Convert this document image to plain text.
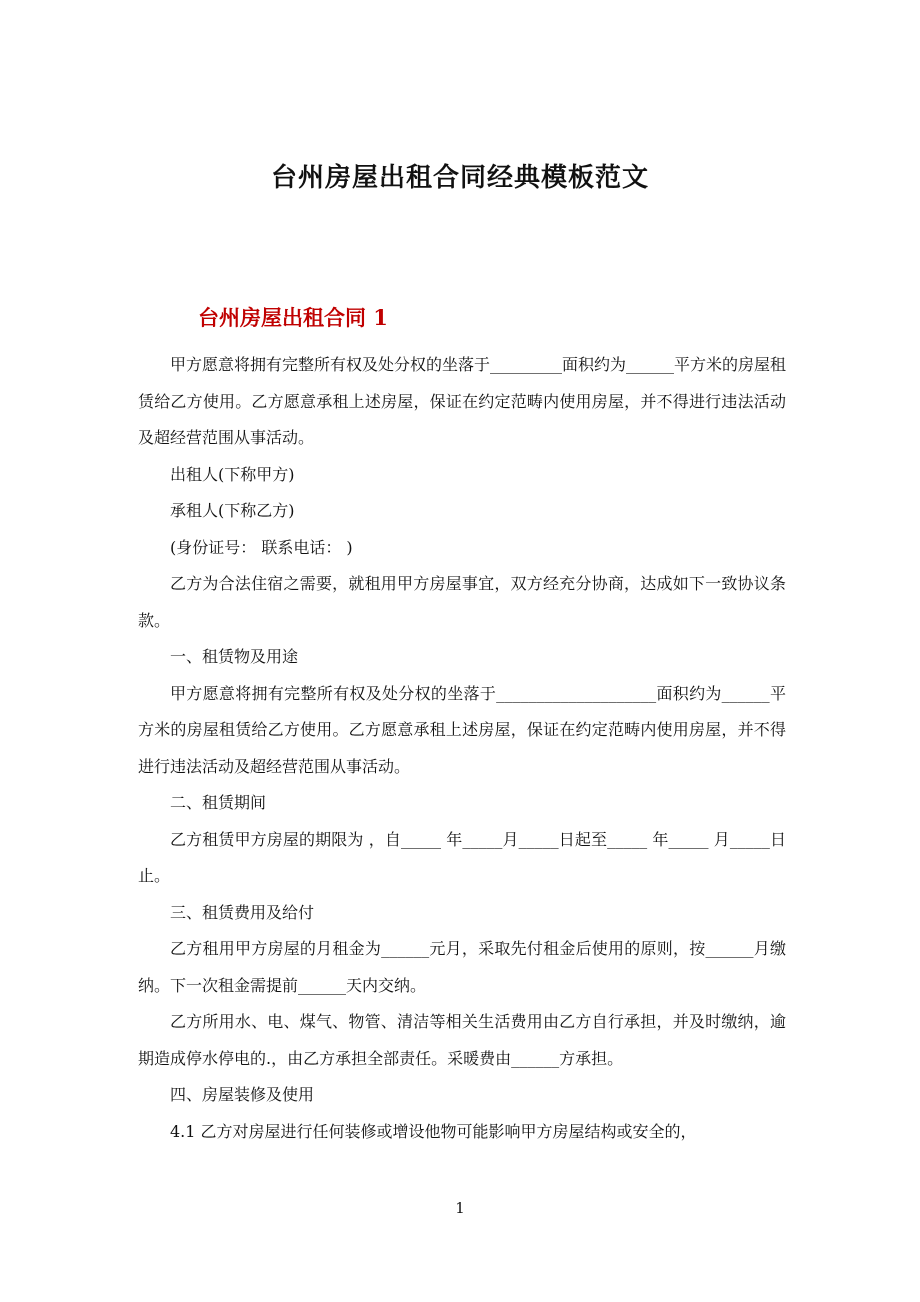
台州房屋出租合同经典模板范文
台州房屋出租合同 1

甲方愿意将拥有完整所有权及处分权的坐落于_________面积约为______平方米的房屋租赁给乙方使用。乙方愿意承租上述房屋，保证在约定范畴内使用房屋，并不得进行违法活动及超经营范围从事活动。

出租人(下称甲方)

承租人(下称乙方)

(身份证号： 联系电话： )

乙方为合法住宿之需要，就租用甲方房屋事宜，双方经充分协商，达成如下一致协议条款。

一、租赁物及用途

甲方愿意将拥有完整所有权及处分权的坐落于____________________面积约为______平方米的房屋租赁给乙方使用。乙方愿意承租上述房屋，保证在约定范畴内使用房屋，并不得进行违法活动及超经营范围从事活动。

二、租赁期间

乙方租赁甲方房屋的期限为 ，自_____ 年_____月_____日起至_____ 年_____ 月_____日止。

三、租赁费用及给付

乙方租用甲方房屋的月租金为______元月，采取先付租金后使用的原则，按______月缴纳。下一次租金需提前______天内交纳。

乙方所用水、电、煤气、物管、清洁等相关生活费用由乙方自行承担，并及时缴纳，逾期造成停水停电的.，由乙方承担全部责任。采暖费由______方承担。

四、房屋装修及使用

4.1 乙方对房屋进行任何装修或增设他物可能影响甲方房屋结构或安全的，

1
